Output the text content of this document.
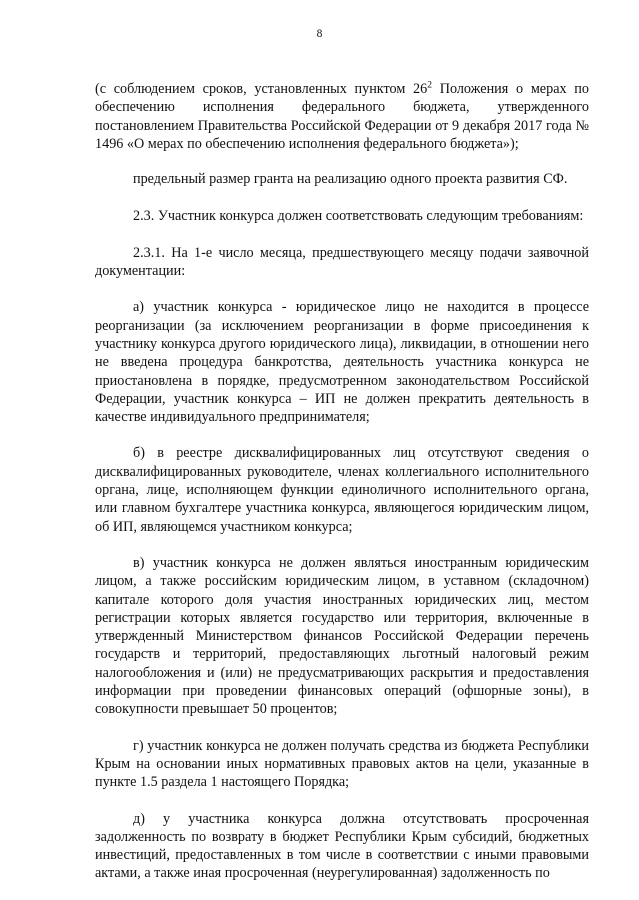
8

(с соблюдением сроков, установленных пунктом $26^2$ Положения о мерах по обеспечению исполнения федерального бюджета, утвержденного постановлением Правительства Российской Федерации от 9 декабря 2017 года № 1496 «О мерах по обеспечению исполнения федерального бюджета»);

предельный размер гранта на реализацию одного проекта развития СФ.

2.3. Участник конкурса должен соответствовать следующим требованиям:

2.3.1. На 1-е число месяца, предшествующего месяцу подачи заявочной документации:

а) участник конкурса - юридическое лицо не находится в процессе реорганизации (за исключением реорганизации в форме присоединения к участнику конкурса другого юридического лица), ликвидации, в отношении него не введена процедура банкротства, деятельность участника конкурса не приостановлена в порядке, предусмотренном законодательством Российской Федерации, участник конкурса – ИП не должен прекратить деятельность в качестве индивидуального предпринимателя;

б) в реестре дисквалифицированных лиц отсутствуют сведения о дисквалифицированных руководителе, членах коллегиального исполнительного органа, лице, исполняющем функции единоличного исполнительного органа, или главном бухгалтере участника конкурса, являющегося юридическим лицом, об ИП, являющемся участником конкурса;

в) участник конкурса не должен являться иностранным юридическим лицом, а также российским юридическим лицом, в уставном (складочном) капитале которого доля участия иностранных юридических лиц, местом регистрации которых является государство или территория, включенные в утвержденный Министерством финансов Российской Федерации перечень государств и территорий, предоставляющих льготный налоговый режим налогообложения и (или) не предусматривающих раскрытия и предоставления информации при проведении финансовых операций (офшорные зоны), в совокупности превышает 50 процентов;

г) участник конкурса не должен получать средства из бюджета Республики Крым на основании иных нормативных правовых актов на цели, указанные в пункте 1.5 раздела 1 настоящего Порядка;

д) у участника конкурса должна отсутствовать просроченная задолженность по возврату в бюджет Республики Крым субсидий, бюджетных инвестиций, предоставленных в том числе в соответствии с иными правовыми актами, а также иная просроченная (неурегулированная) задолженность по
